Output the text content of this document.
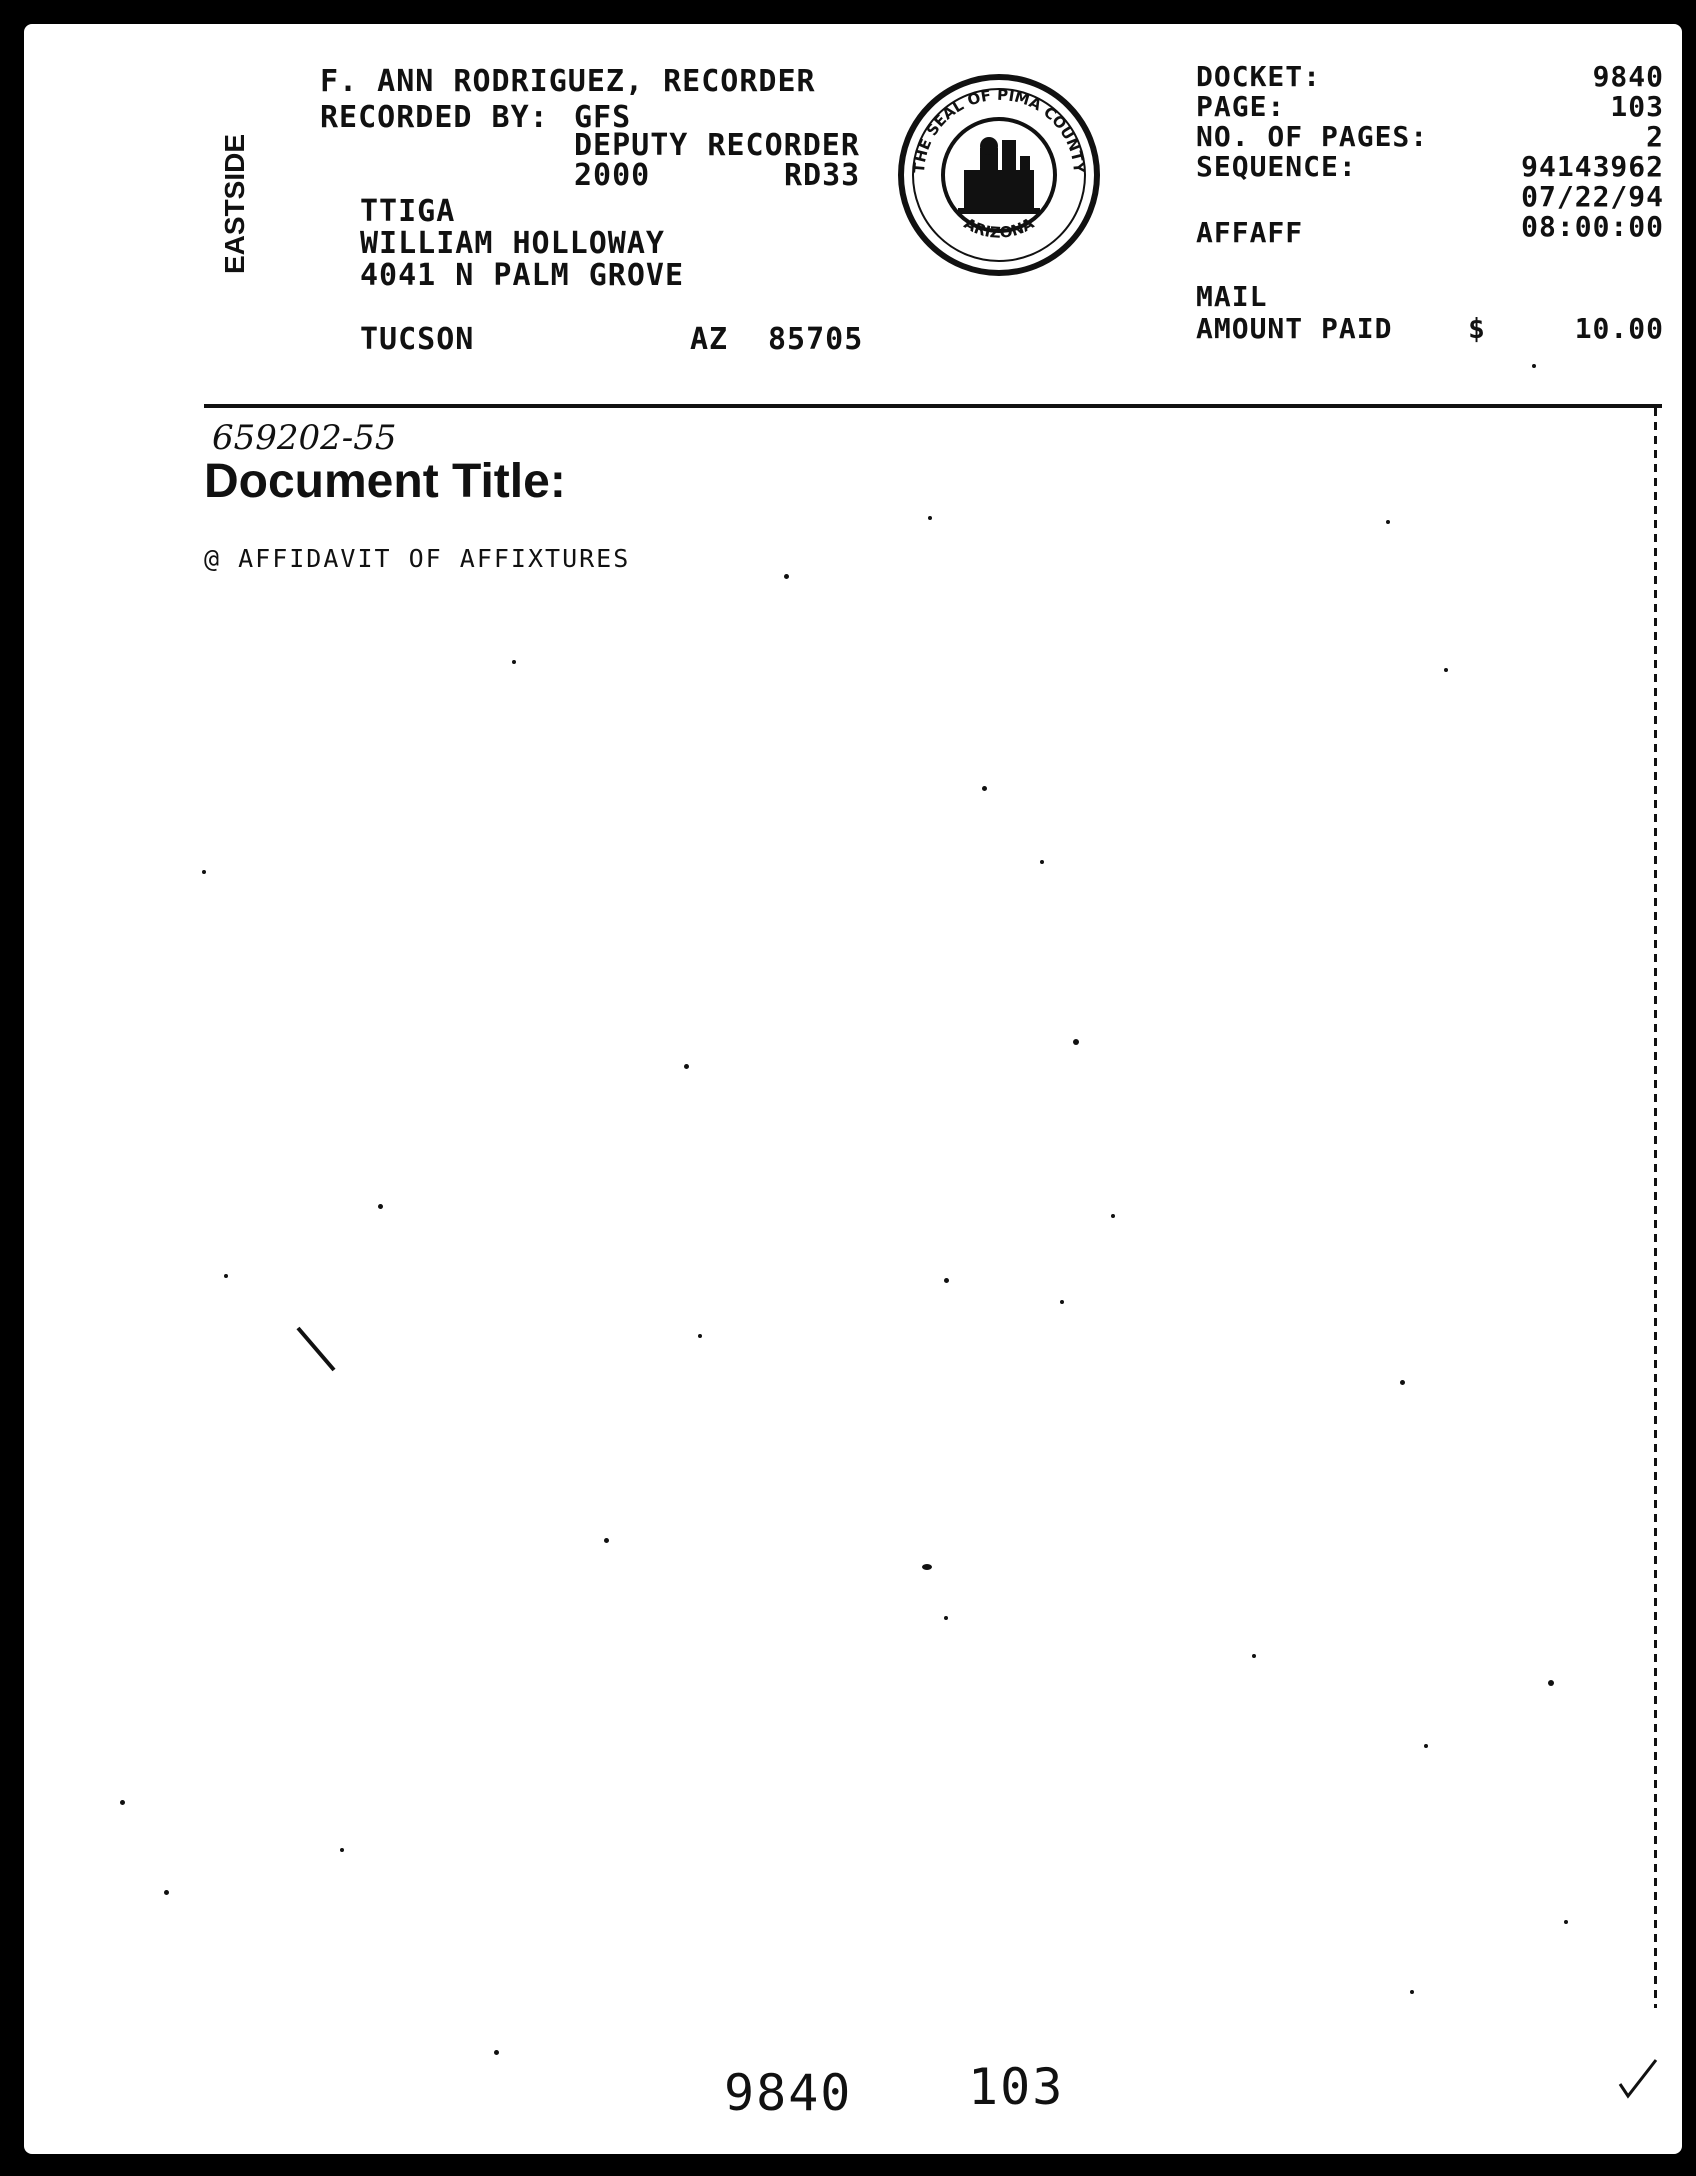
EASTSIDE
F. ANN RODRIGUEZ, RECORDER
RECORDED BY: GFS
DEPUTY RECORDER
2000	RD33
TTIGA
WILLIAM HOLLOWAY
4041 N PALM GROVE
TUCSON	AZ 85705
THE SEAL OF PIMA COUNTY
ARIZONA
DOCKET:	9840
PAGE:	103
NO. OF PAGES:	2
SEQUENCE:	94143962
07/22/94
AFFAFF	08:00:00
MAIL
AMOUNT PAID	$	10.00
659202-55
Document Title:
@ AFFIDAVIT OF AFFIXTURES
9840 103
